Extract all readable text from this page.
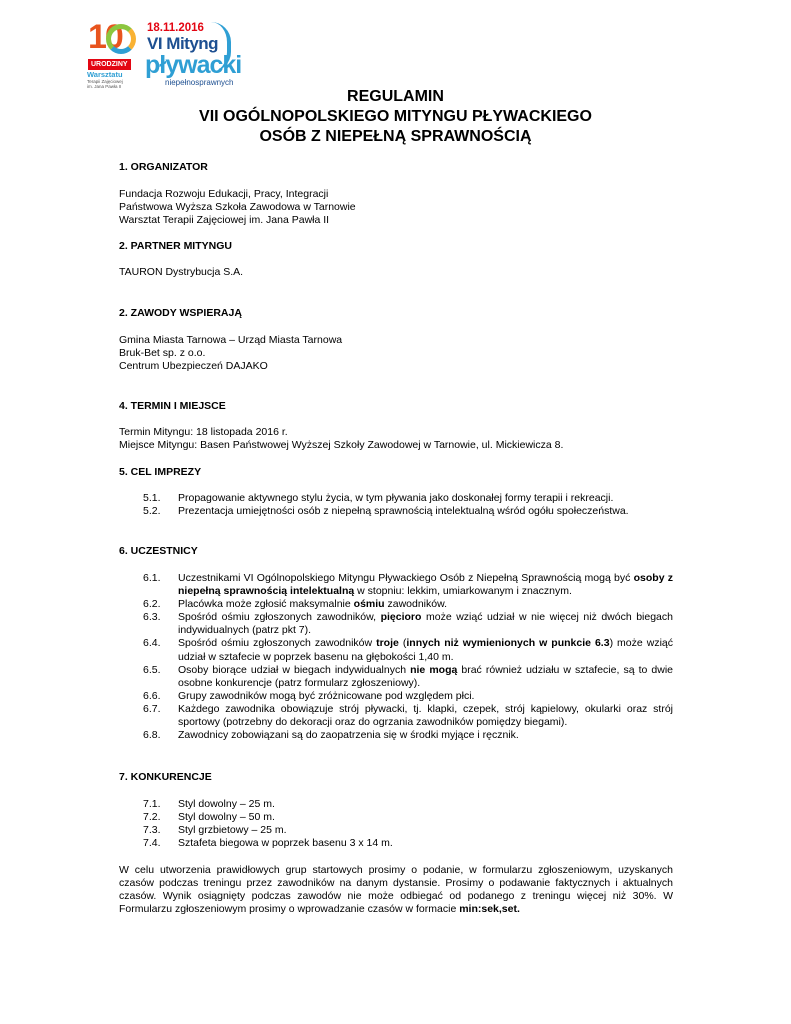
10
URODZINY
Warsztatu
Terapii Zajęciowej im. Jana Pawła II
18.11.2016
VI Mityng
pływacki
niepełnosprawnych
REGULAMIN
VII OGÓLNOPOLSKIEGO MITYNGU PŁYWACKIEGO
OSÓB Z NIEPEŁNĄ SPRAWNOŚCIĄ
1. ORGANIZATOR
Fundacja Rozwoju Edukacji, Pracy, Integracji
Państwowa Wyższa Szkoła Zawodowa w Tarnowie
Warsztat Terapii Zajęciowej im. Jana Pawła II
2. PARTNER MITYNGU
TAURON Dystrybucja S.A.
2. ZAWODY WSPIERAJĄ
Gmina Miasta Tarnowa – Urząd Miasta Tarnowa
Bruk-Bet sp. z o.o.
Centrum Ubezpieczeń DAJAKO
4. TERMIN I MIEJSCE
Termin Mityngu: 18 listopada 2016 r.
Miejsce Mityngu: Basen Państwowej Wyższej Szkoły Zawodowej w Tarnowie, ul. Mickiewicza 8.
5. CEL IMPREZY
5.1.	Propagowanie aktywnego stylu życia, w tym pływania jako doskonałej formy terapii i rekreacji.
5.2.	Prezentacja umiejętności osób z niepełną sprawnością intelektualną wśród ogółu społeczeństwa.
6. UCZESTNICY
6.1.	Uczestnikami VI Ogólnopolskiego Mityngu Pływackiego Osób z Niepełną Sprawnością mogą być osoby z niepełną sprawnością intelektualną w stopniu: lekkim, umiarkowanym i znacznym.
6.2.	Placówka może zgłosić maksymalnie ośmiu zawodników.
6.3.	Spośród ośmiu zgłoszonych zawodników, pięcioro może wziąć udział w nie więcej niż dwóch biegach indywidualnych (patrz pkt 7).
6.4.	Spośród ośmiu zgłoszonych zawodników troje (innych niż wymienionych w punkcie 6.3) może wziąć udział w sztafecie w poprzek basenu na głębokości 1,40 m.
6.5.	Osoby biorące udział w biegach indywidualnych nie mogą brać również udziału w sztafecie, są to dwie osobne konkurencje (patrz formularz zgłoszeniowy).
6.6.	Grupy zawodników mogą być zróżnicowane pod względem płci.
6.7.	Każdego zawodnika obowiązuje strój pływacki, tj. klapki, czepek, strój kąpielowy, okularki oraz strój sportowy (potrzebny do dekoracji oraz do ogrzania zawodników pomiędzy biegami).
6.8.	Zawodnicy zobowiązani są do zaopatrzenia się w środki myjące i ręcznik.
7. KONKURENCJE
7.1.	Styl dowolny – 25 m.
7.2.	Styl dowolny – 50 m.
7.3.	Styl grzbietowy – 25 m.
7.4.	Sztafeta biegowa w poprzek basenu 3 x 14 m.
W celu utworzenia prawidłowych grup startowych prosimy o podanie, w formularzu zgłoszeniowym, uzyskanych czasów podczas treningu przez zawodników na danym dystansie. Prosimy o podawanie faktycznych i aktualnych czasów. Wynik osiągnięty podczas zawodów nie może odbiegać od podanego z treningu więcej niż 30%. W Formularzu zgłoszeniowym prosimy o wprowadzanie czasów w formacie min:sek,set.
